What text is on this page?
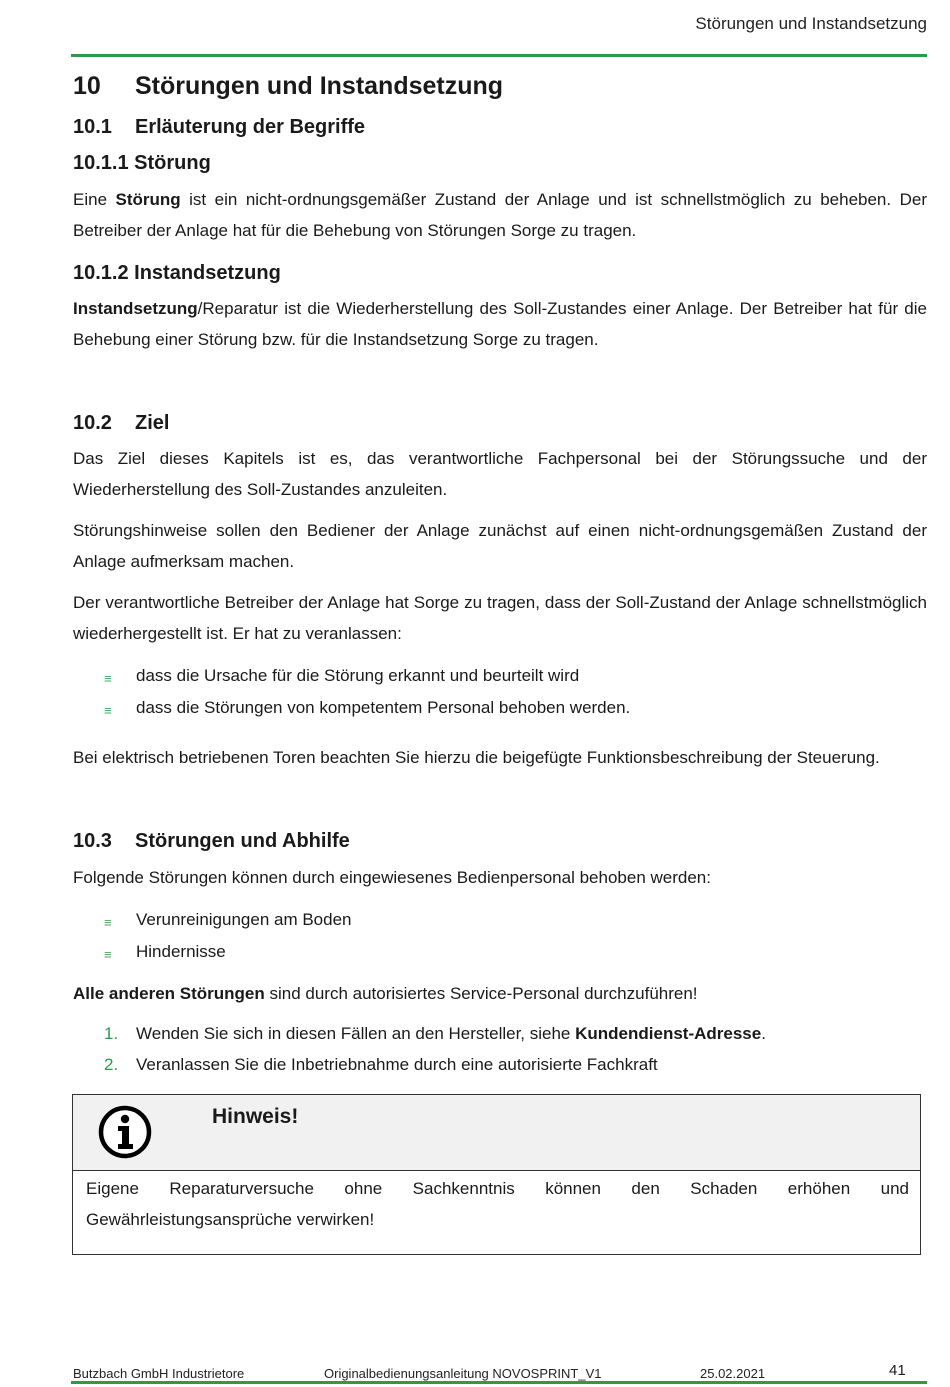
Störungen und Instandsetzung
10 Störungen und Instandsetzung
10.1 Erläuterung der Begriffe
10.1.1 Störung

Eine Störung ist ein nicht-ordnungsgemäßer Zustand der Anlage und ist schnellstmöglich zu beheben. Der Betreiber der Anlage hat für die Behebung von Störungen Sorge zu tragen.

10.1.2 Instandsetzung

Instandsetzung/Reparatur ist die Wiederherstellung des Soll-Zustandes einer Anlage. Der Betreiber hat für die Behebung einer Störung bzw. für die Instandsetzung Sorge zu tragen.

10.2 Ziel

Das Ziel dieses Kapitels ist es, das verantwortliche Fachpersonal bei der Störungssuche und der Wiederherstellung des Soll-Zustandes anzuleiten.

Störungshinweise sollen den Bediener der Anlage zunächst auf einen nicht-ordnungsgemäßen Zustand der Anlage aufmerksam machen.

Der verantwortliche Betreiber der Anlage hat Sorge zu tragen, dass der Soll-Zustand der Anlage schnellstmöglich wiederhergestellt ist. Er hat zu veranlassen:

≡ dass die Ursache für die Störung erkannt und beurteilt wird
≡ dass die Störungen von kompetentem Personal behoben werden.

Bei elektrisch betriebenen Toren beachten Sie hierzu die beigefügte Funktionsbeschreibung der Steuerung.

10.3 Störungen und Abhilfe

Folgende Störungen können durch eingewiesenes Bedienpersonal behoben werden:

≡ Verunreinigungen am Boden
≡ Hindernisse

Alle anderen Störungen sind durch autorisiertes Service-Personal durchzuführen!

1. Wenden Sie sich in diesen Fällen an den Hersteller, siehe Kundendienst-Adresse.
2. Veranlassen Sie die Inbetriebnahme durch eine autorisierte Fachkraft
Hinweis!
Eigene Reparaturversuche ohne Sachkenntnis können den Schaden erhöhen und
Gewährleistungsansprüche verwirken!
Butzbach GmbH Industrietore	Originalbedienungsanleitung NOVOSPRINT_V1	25.02.2021	41
